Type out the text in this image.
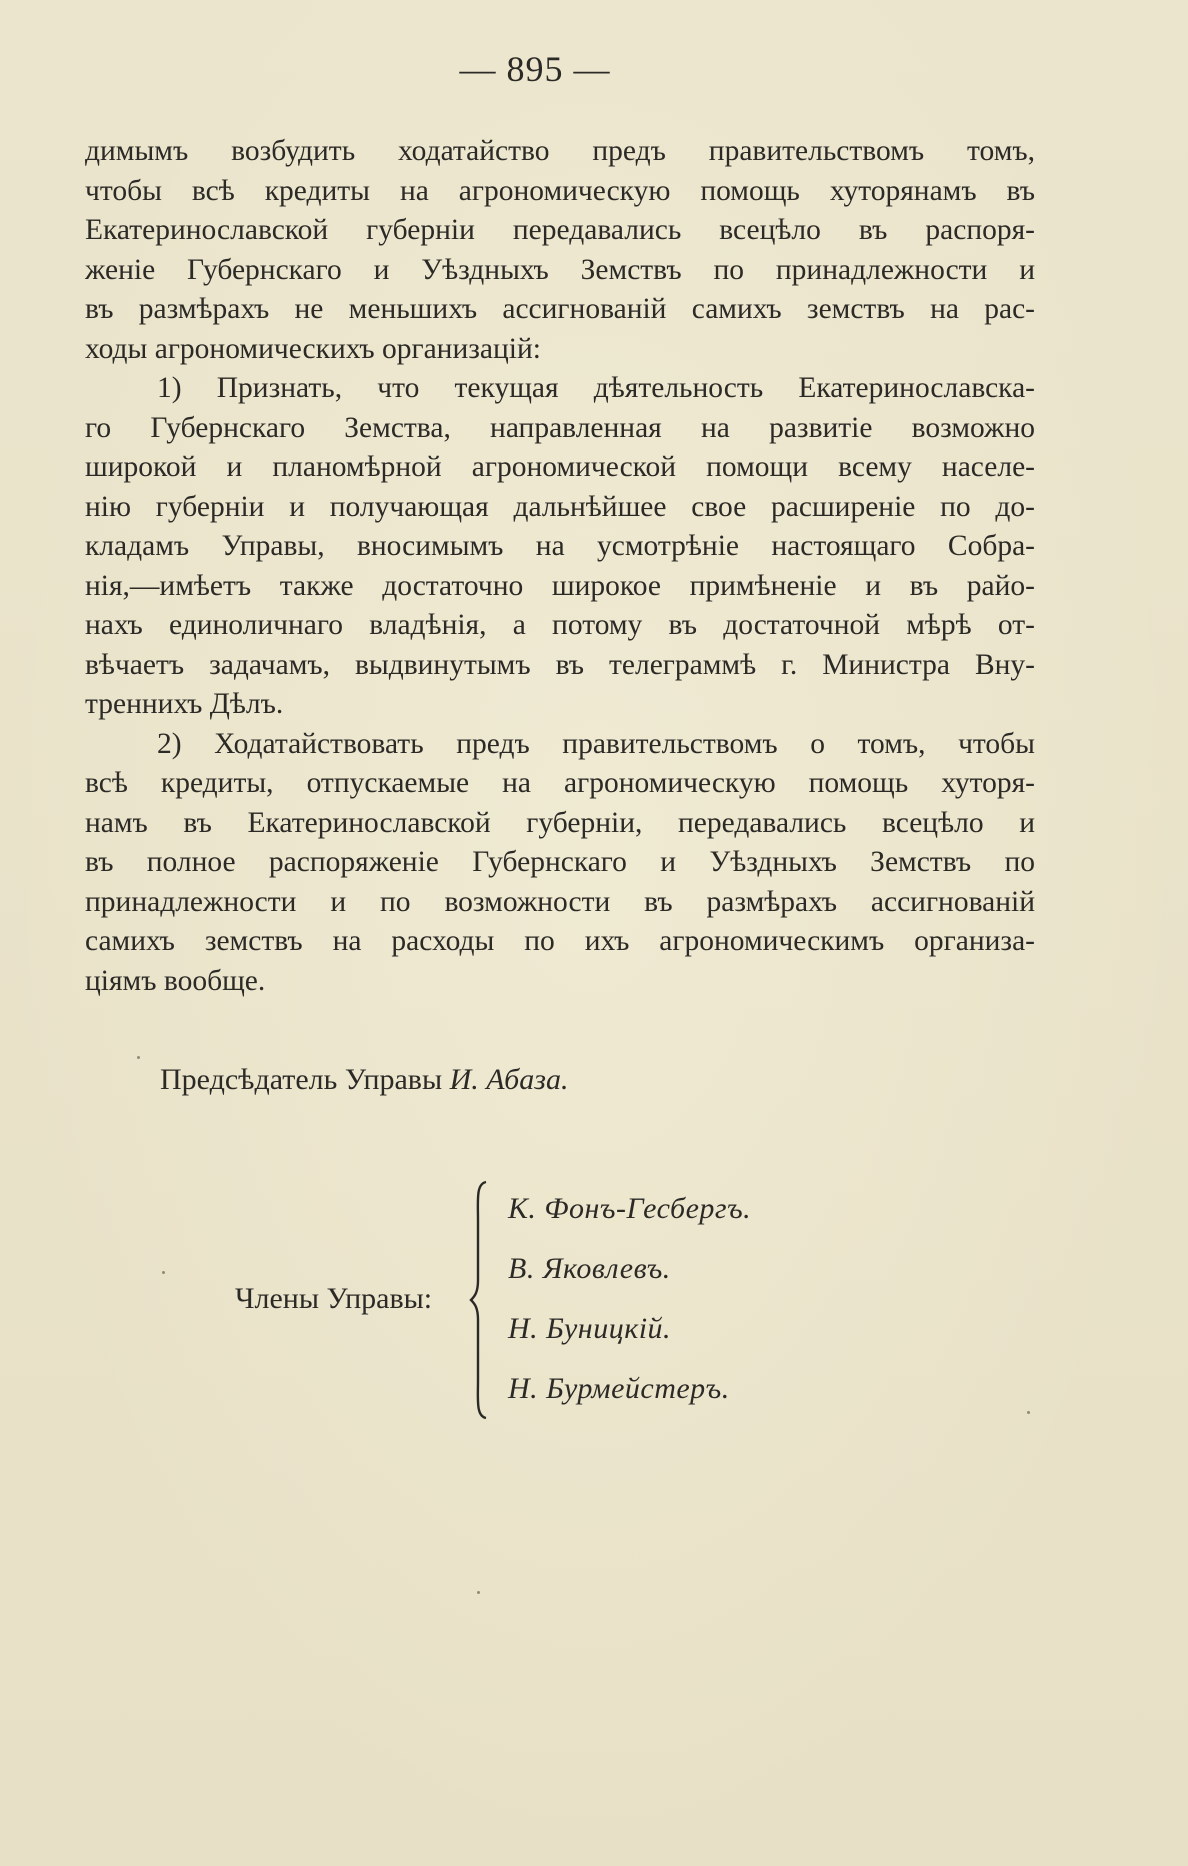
— 895 —
димымъ возбудить ходатайство предъ правительствомъ томъ,
чтобы всѣ кредиты на агрономическую помощь хуторянамъ въ
Екатеринославской губерніи передавались всецѣло въ распоря-
женіе Губернскаго и Уѣздныхъ Земствъ по принадлежности и
въ размѣрахъ не меньшихъ ассигнованій самихъ земствъ на рас-
ходы агрономическихъ организацій:
1) Признать, что текущая дѣятельность Екатеринославска-
го Губернскаго Земства, направленная на развитіе возможно
широкой и планомѣрной агрономической помощи всему населе-
нію губерніи и получающая дальнѣйшее свое расширеніе по до-
кладамъ Управы, вносимымъ на усмотрѣніе настоящаго Собра-
нія,—имѣетъ также достаточно широкое примѣненіе и въ райо-
нахъ единоличнаго владѣнія, а потому въ достаточной мѣрѣ от-
вѣчаетъ задачамъ, выдвинутымъ въ телеграммѣ г. Министра Вну-
треннихъ Дѣлъ.
2) Ходатайствовать предъ правительствомъ о томъ, чтобы
всѣ кредиты, отпускаемые на агрономическую помощь хуторя-
намъ въ Екатеринославской губерніи, передавались всецѣло и
въ полное распоряженіе Губернскаго и Уѣздныхъ Земствъ по
принадлежности и по возможности въ размѣрахъ ассигнованій
самихъ земствъ на расходы по ихъ агрономическимъ организа-
ціямъ вообще.
Предсѣдатель Управы И. Абаза.
Члены Управы:
К. Фонъ-Гесбергъ.
В. Яковлевъ.
Н. Буницкій.
Н. Бурмейстеръ.
